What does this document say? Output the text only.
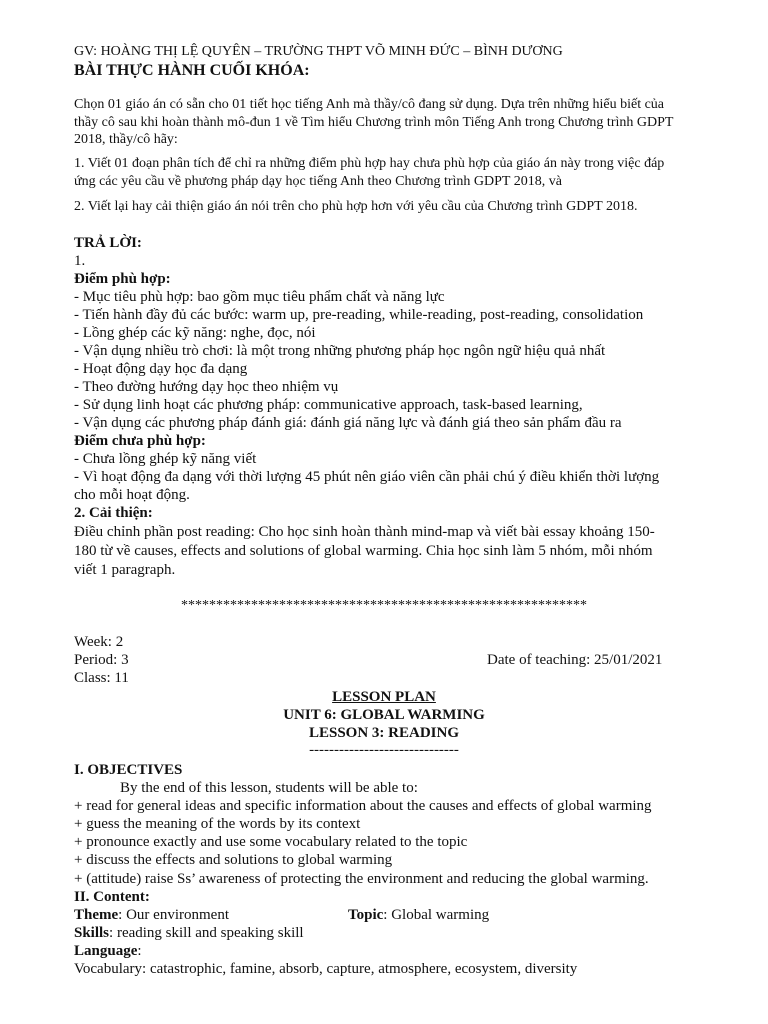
GV: HOÀNG THỊ LỆ QUYÊN – TRƯỜNG THPT VÕ MINH ĐỨC – BÌNH DƯƠNG
BÀI THỰC HÀNH CUỐI KHÓA:
Chọn 01 giáo án có sẵn cho 01 tiết học tiếng Anh mà thầy/cô đang sử dụng. Dựa trên những hiểu biết của
thầy cô sau khi hoàn thành mô-đun 1 về Tìm hiểu Chương trình môn Tiếng Anh trong Chương trình GDPT
2018, thầy/cô hãy:
1. Viết 01 đoạn phân tích để chỉ ra những điểm phù hợp hay chưa phù hợp của giáo án này trong việc đáp
ứng các yêu cầu về phương pháp dạy học tiếng Anh theo Chương trình GDPT 2018, và
2. Viết lại hay cải thiện giáo án nói trên cho phù hợp hơn với yêu cầu của Chương trình GDPT 2018.
TRẢ LỜI:
1.
Điểm phù hợp:
- Mục tiêu phù hợp: bao gồm mục tiêu phẩm chất và năng lực
- Tiến hành đầy đủ các bước: warm up, pre-reading, while-reading, post-reading, consolidation
- Lồng ghép các kỹ năng: nghe, đọc, nói
- Vận dụng nhiều trò chơi: là một trong những phương pháp học ngôn ngữ hiệu quả nhất
- Hoạt động dạy học đa dạng
- Theo đường hướng dạy học theo nhiệm vụ
- Sử dụng linh hoạt các phương pháp: communicative approach, task-based learning,
- Vận dụng các phương pháp đánh giá: đánh giá năng lực và đánh giá theo sản phẩm đầu ra
Điểm chưa phù hợp:
- Chưa lồng ghép kỹ năng viết
- Vì hoạt động đa dạng với thời lượng 45 phút nên giáo viên cần phải chú ý điều khiển thời lượng
cho mỗi hoạt động.
2. Cải thiện:
Điều chỉnh phần post reading: Cho học sinh hoàn thành mind-map và viết bài essay khoảng 150-
180 từ về causes, effects and solutions of global warming. Chia học sinh làm 5 nhóm, mỗi nhóm
viết 1 paragraph.
**********************************************************
Week: 2
Period: 3	Date of teaching: 25/01/2021
Class: 11
LESSON PLAN
UNIT 6: GLOBAL WARMING
LESSON 3: READING
------------------------------
I. OBJECTIVES
By the end of this lesson, students will be able to:
+ read for general ideas and specific information about the causes and effects of global warming
+ guess the meaning of the words by its context
+ pronounce exactly and use some vocabulary related to the topic
+ discuss the effects and solutions to global warming
+ (attitude) raise Ss’ awareness of protecting the environment and reducing the global warming.
II. Content:
Theme: Our environment	Topic: Global warming
Skills: reading skill and speaking skill
Language:
Vocabulary: catastrophic, famine, absorb, capture, atmosphere, ecosystem, diversity
